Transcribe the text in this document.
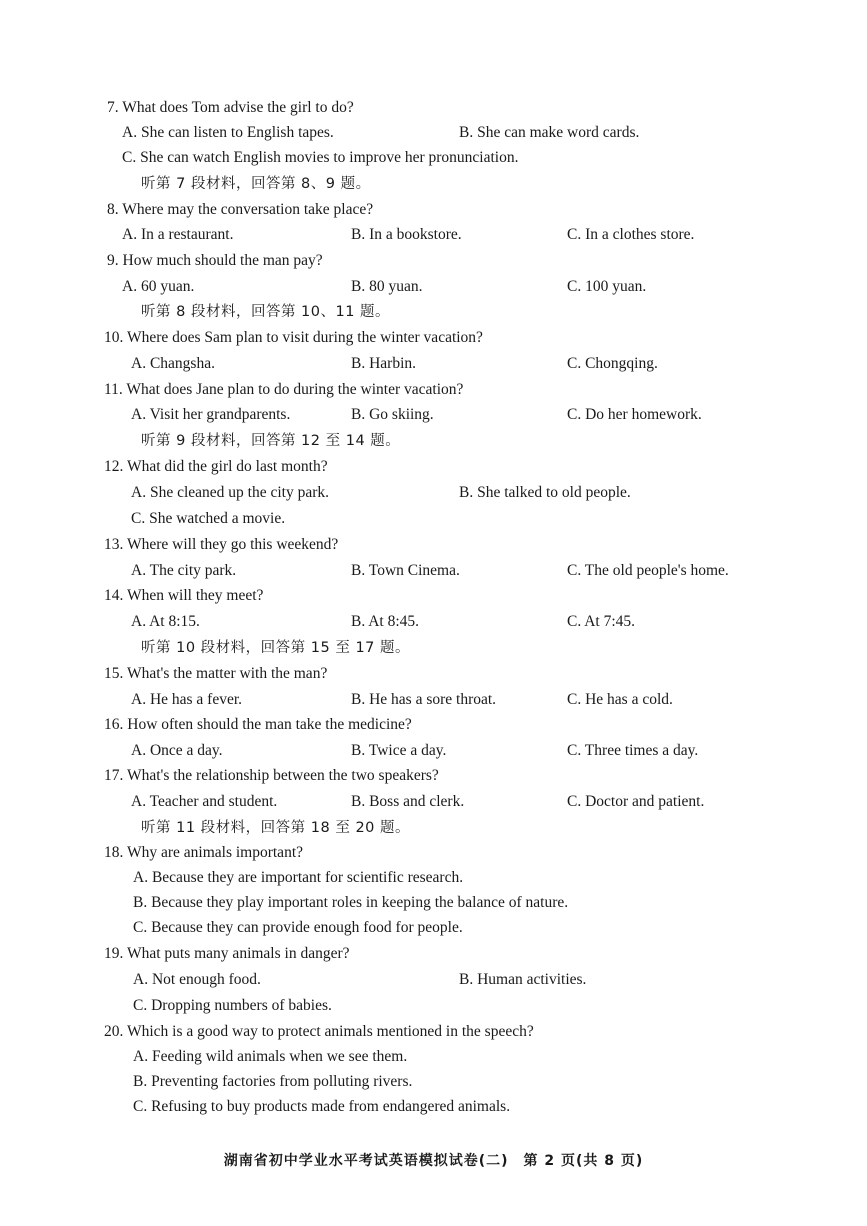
7. What does Tom advise the girl to do?
A. She can listen to English tapes.	B. She can make word cards.
C. She can watch English movies to improve her pronunciation.
听第 7 段材料，回答第 8、9 题。
8. Where may the conversation take place?
A. In a restaurant.	B. In a bookstore.	C. In a clothes store.
9. How much should the man pay?
A. 60 yuan.	B. 80 yuan.	C. 100 yuan.
听第 8 段材料，回答第 10、11 题。
10. Where does Sam plan to visit during the winter vacation?
A. Changsha.	B. Harbin.	C. Chongqing.
11. What does Jane plan to do during the winter vacation?
A. Visit her grandparents.	B. Go skiing.	C. Do her homework.
听第 9 段材料，回答第 12 至 14 题。
12. What did the girl do last month?
A. She cleaned up the city park.	B. She talked to old people.
C. She watched a movie.
13. Where will they go this weekend?
A. The city park.	B. Town Cinema.	C. The old people's home.
14. When will they meet?
A. At 8:15.	B. At 8:45.	C. At 7:45.
听第 10 段材料，回答第 15 至 17 题。
15. What's the matter with the man?
A. He has a fever.	B. He has a sore throat.	C. He has a cold.
16. How often should the man take the medicine?
A. Once a day.	B. Twice a day.	C. Three times a day.
17. What's the relationship between the two speakers?
A. Teacher and student.	B. Boss and clerk.	C. Doctor and patient.
听第 11 段材料，回答第 18 至 20 题。
18. Why are animals important?
A. Because they are important for scientific research.
B. Because they play important roles in keeping the balance of nature.
C. Because they can provide enough food for people.
19. What puts many animals in danger?
A. Not enough food.	B. Human activities.
C. Dropping numbers of babies.
20. Which is a good way to protect animals mentioned in the speech?
A. Feeding wild animals when we see them.
B. Preventing factories from polluting rivers.
C. Refusing to buy products made from endangered animals.
湖南省初中学业水平考试英语模拟试卷(二)　第 2 页(共 8 页)
